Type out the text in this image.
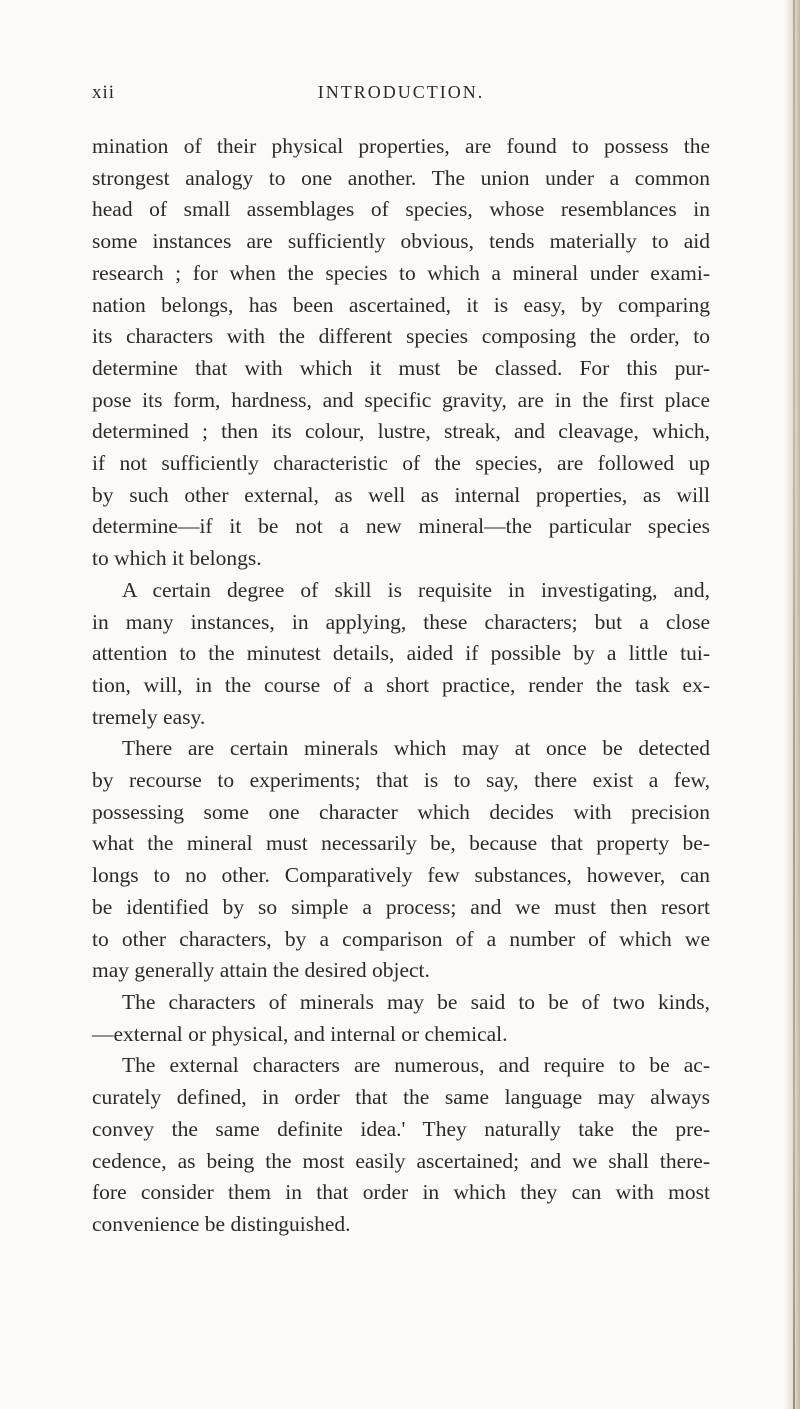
xii	INTRODUCTION.
mination of their physical properties, are found to possess the
strongest analogy to one another. The union under a common
head of small assemblages of species, whose resemblances in
some instances are sufficiently obvious, tends materially to aid
research ; for when the species to which a mineral under exami-
nation belongs, has been ascertained, it is easy, by comparing
its characters with the different species composing the order, to
determine that with which it must be classed. For this pur-
pose its form, hardness, and specific gravity, are in the first place
determined ; then its colour, lustre, streak, and cleavage, which,
if not sufficiently characteristic of the species, are followed up
by such other external, as well as internal properties, as will
determine—if it be not a new mineral—the particular species
to which it belongs.
A certain degree of skill is requisite in investigating, and,
in many instances, in applying, these characters; but a close
attention to the minutest details, aided if possible by a little tui-
tion, will, in the course of a short practice, render the task ex-
tremely easy.
There are certain minerals which may at once be detected
by recourse to experiments; that is to say, there exist a few,
possessing some one character which decides with precision
what the mineral must necessarily be, because that property be-
longs to no other. Comparatively few substances, however, can
be identified by so simple a process; and we must then resort
to other characters, by a comparison of a number of which we
may generally attain the desired object.
The characters of minerals may be said to be of two kinds,
—external or physical, and internal or chemical.
The external characters are numerous, and require to be ac-
curately defined, in order that the same language may always
convey the same definite idea.' They naturally take the pre-
cedence, as being the most easily ascertained; and we shall there-
fore consider them in that order in which they can with most
convenience be distinguished.
